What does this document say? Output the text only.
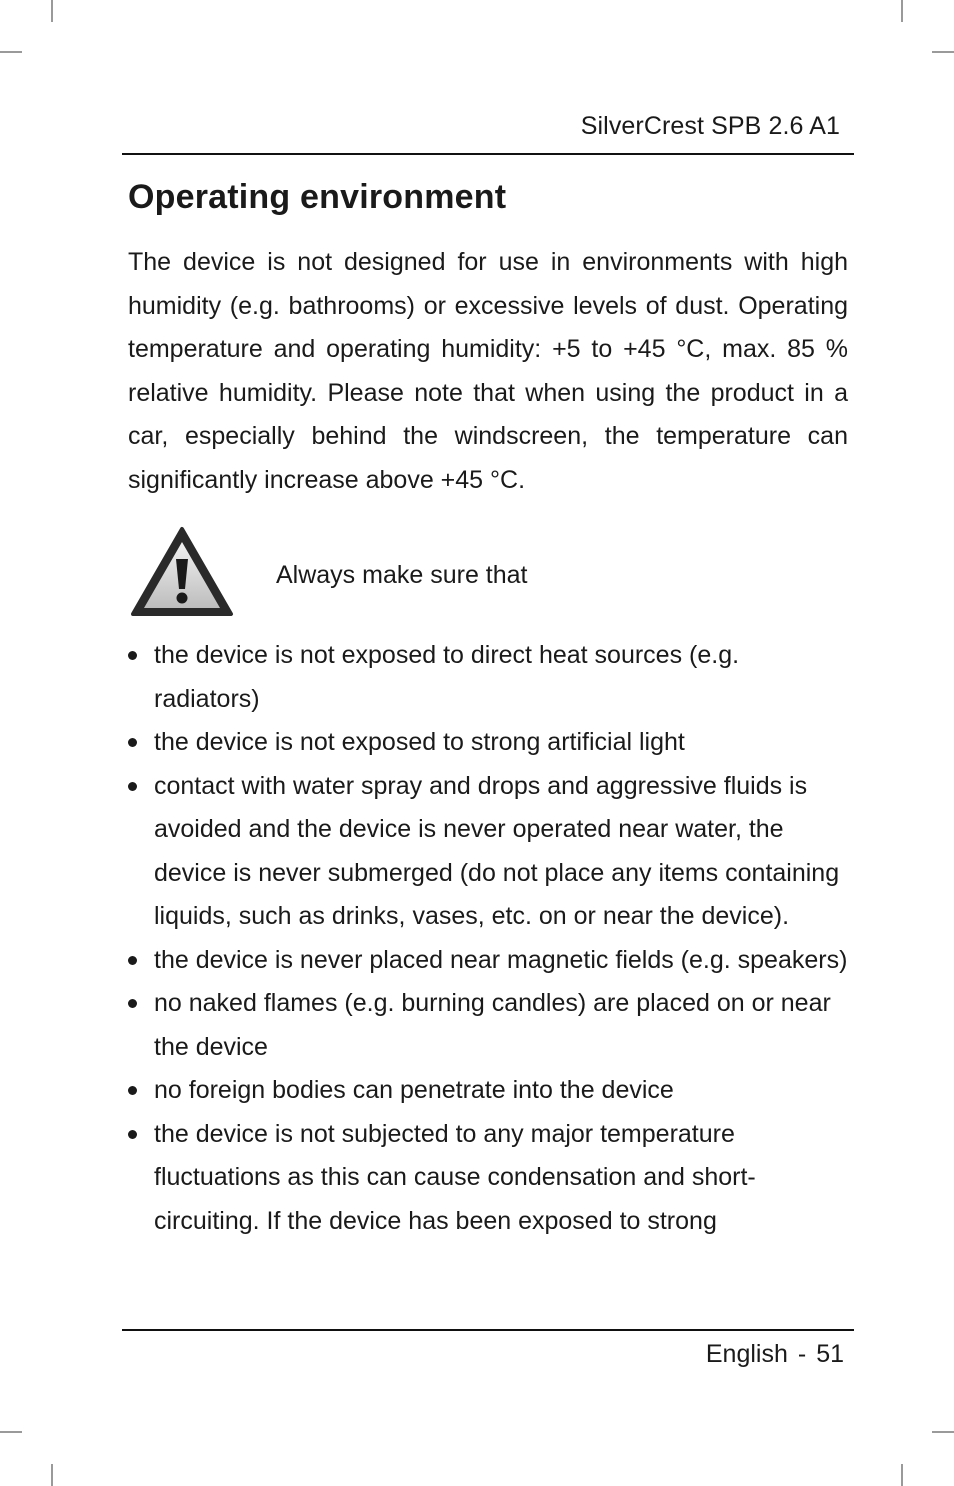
SilverCrest SPB 2.6 A1
Operating environment

The device is not designed for use in environments with high humidity (e.g. bathrooms) or excessive levels of dust. Operating temperature and operating humidity: +5 to +45 °C, max. 85 % relative humidity. Please note that when using the product in a car, especially behind the windscreen, the temperature can significantly increase above +45 °C.

Always make sure that
the device is not exposed to direct heat sources (e.g. radiators)
the device is not exposed to strong artificial light
contact with water spray and drops and aggressive fluids is avoided and the device is never operated near water, the device is never submerged (do not place any items containing liquids, such as drinks, vases, etc. on or near the device).
the device is never placed near magnetic fields (e.g. speakers)
no naked flames (e.g. burning candles) are placed on or near the device
no foreign bodies can penetrate into the device
the device is not subjected to any major temperature fluctuations as this can cause condensation and short-circuiting. If the device has been exposed to strong
English - 51
